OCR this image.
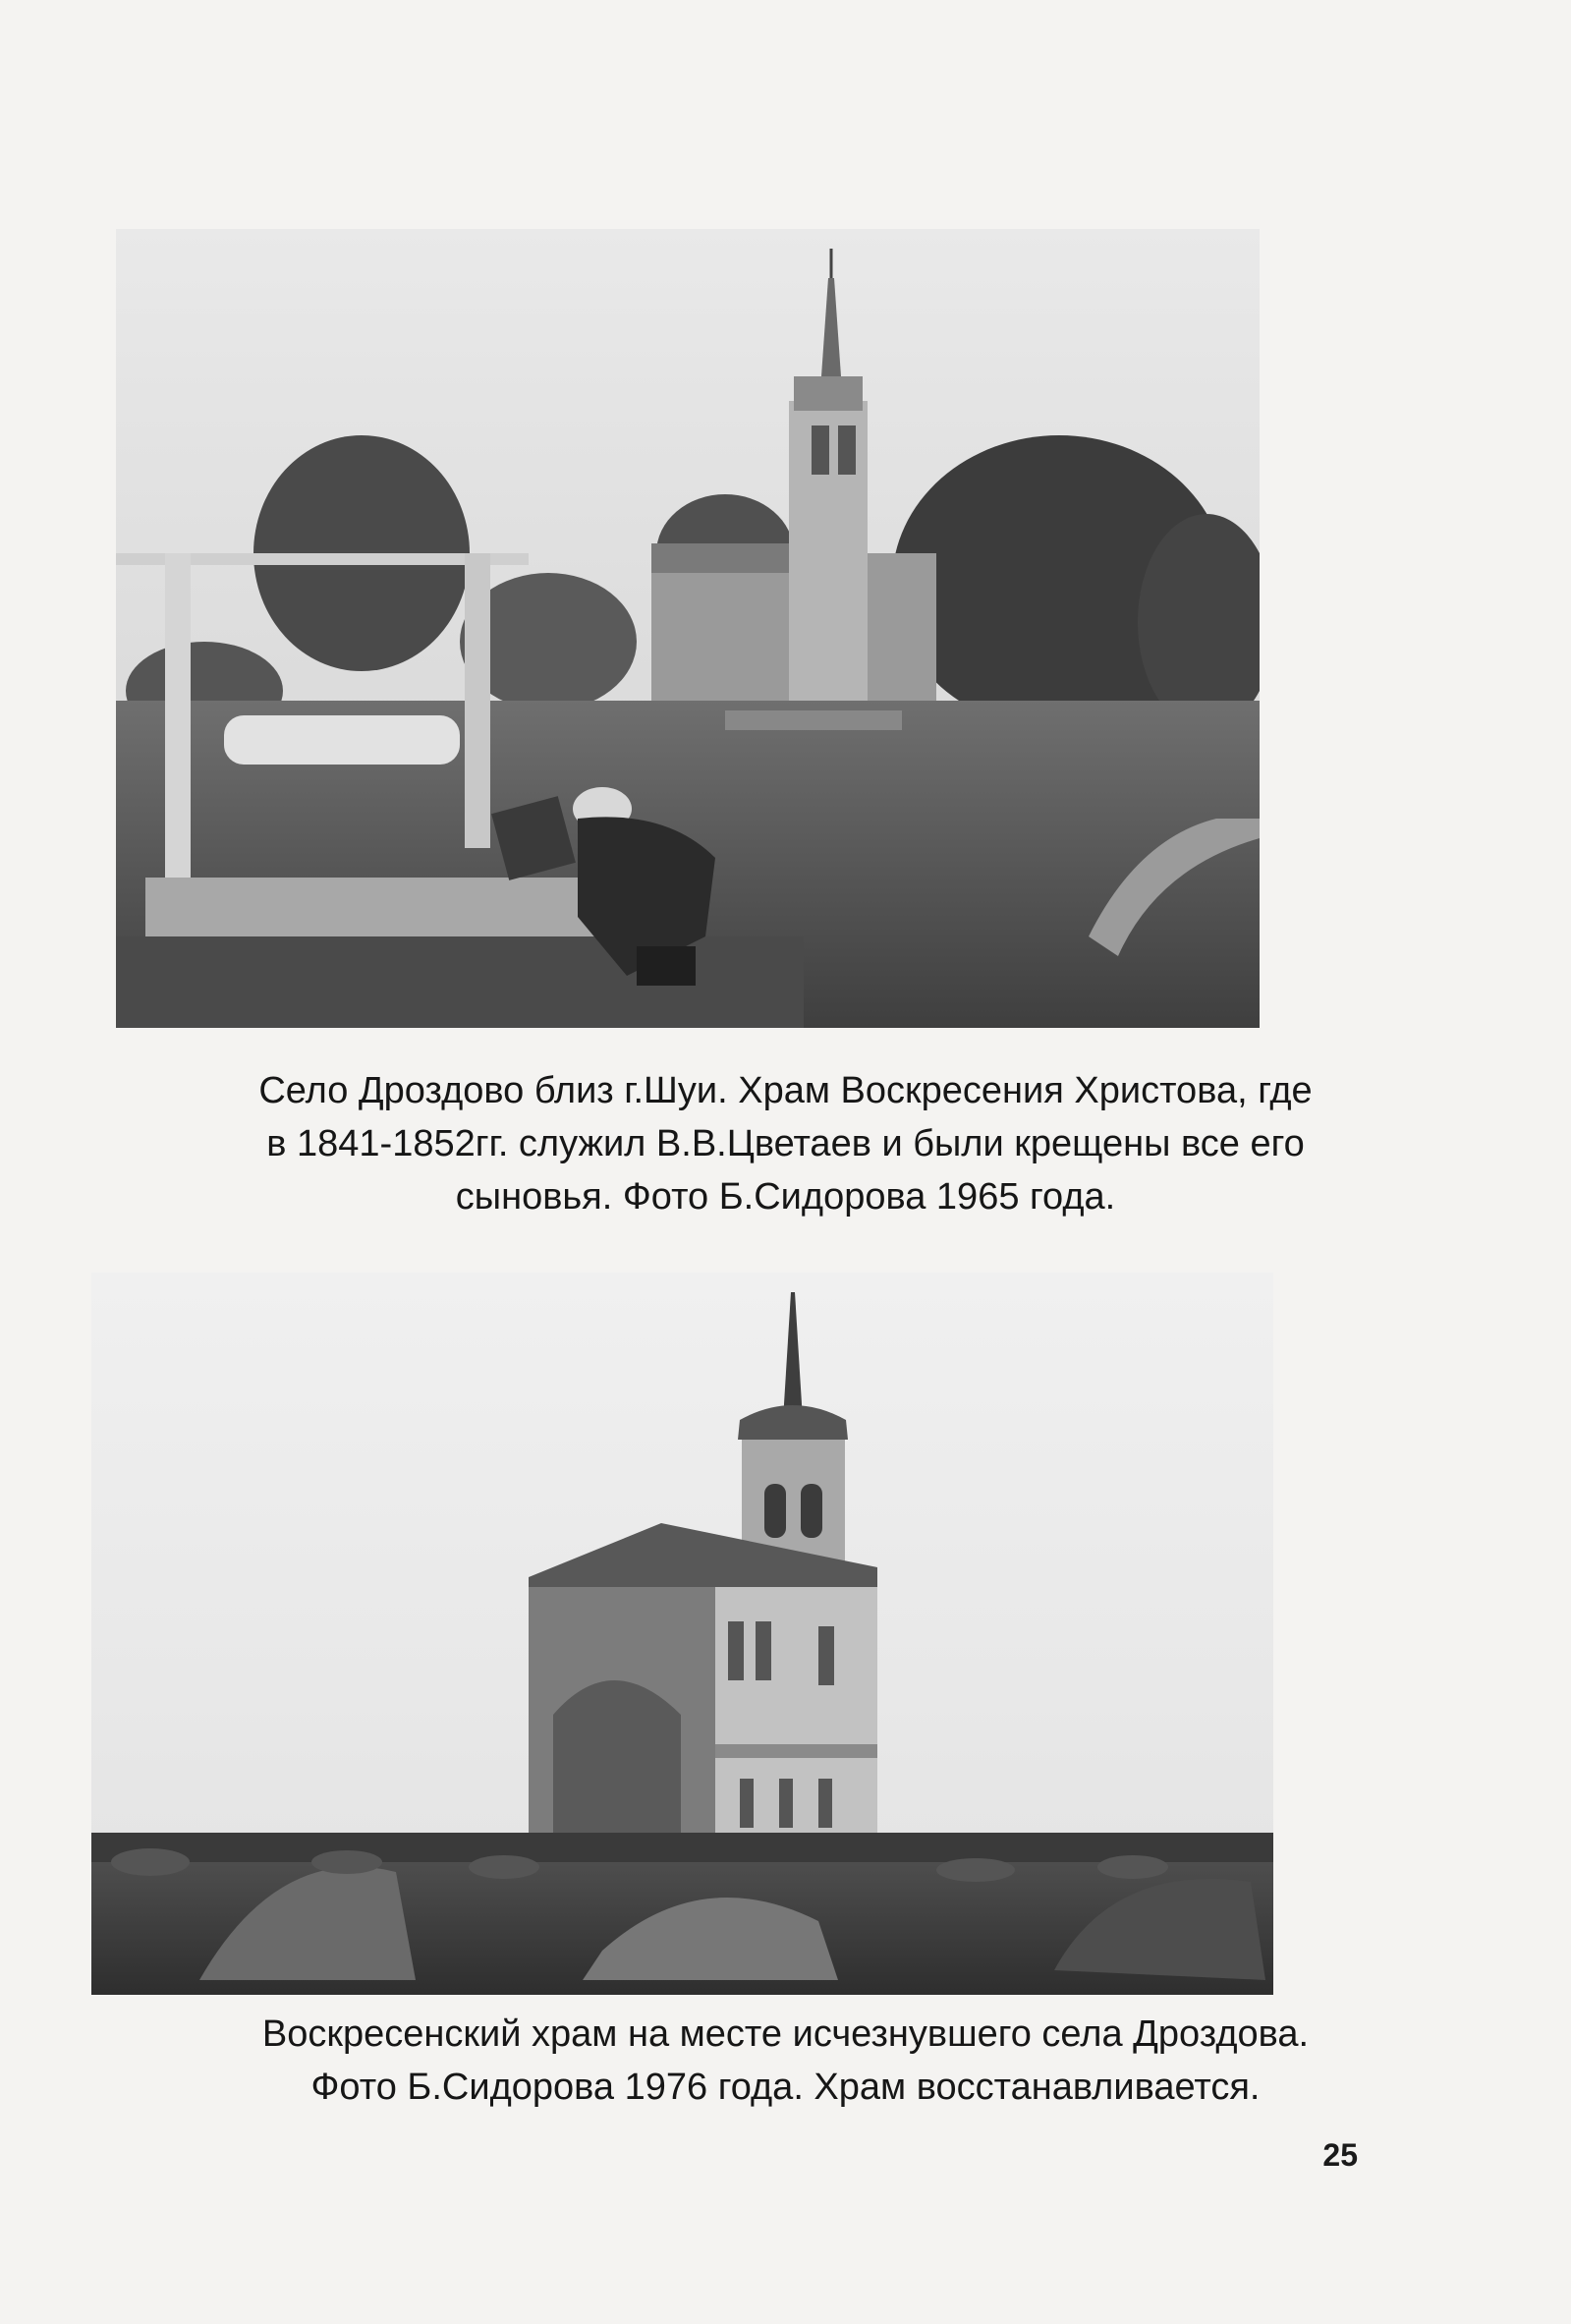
Село Дроздово близ г.Шуи. Храм Воскресения Христова, где
в 1841-1852гг. служил В.В.Цветаев и были крещены все его
сыновья. Фото Б.Сидорова 1965 года.
Воскресенский храм на месте исчезнувшего села Дроздова.
Фото Б.Сидорова 1976 года. Храм восстанавливается.
25
